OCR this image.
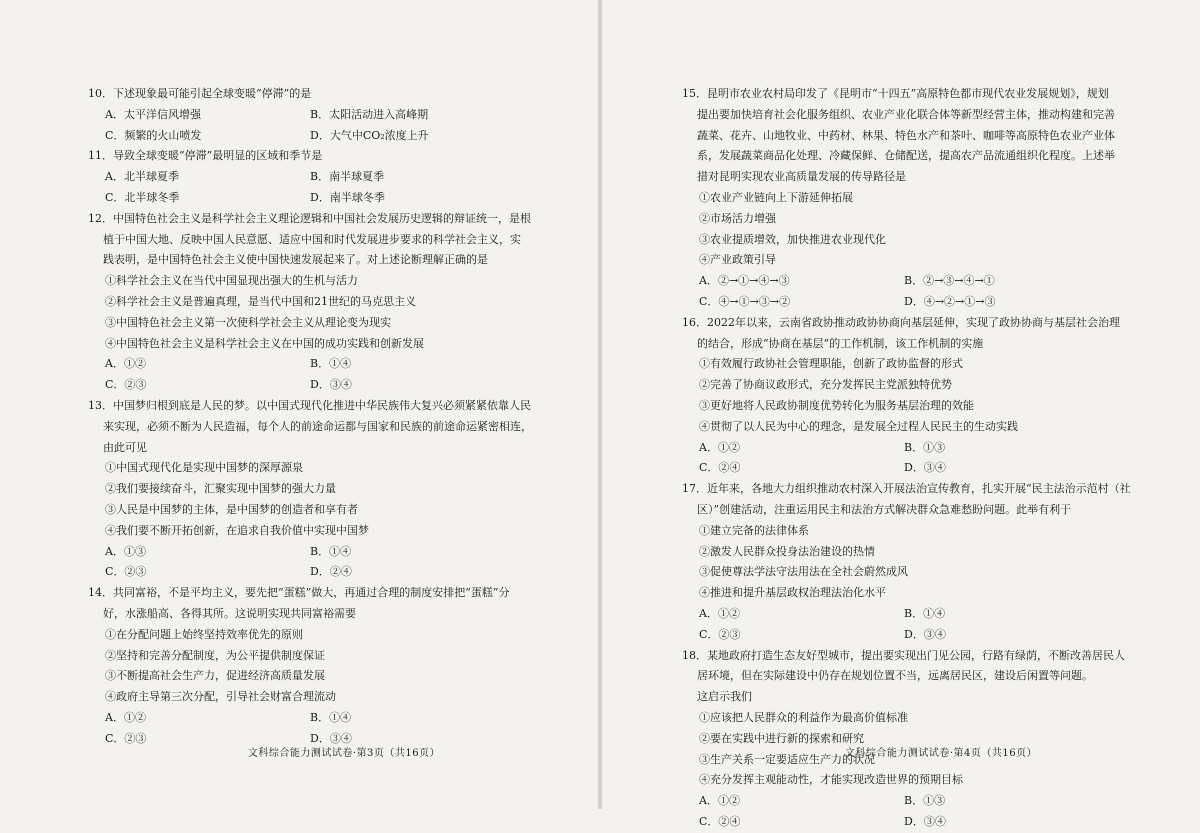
10．下述现象最可能引起全球变暖“停滞”的是
A．太平洋信风增强	B．太阳活动进入高峰期
C．频繁的火山喷发	D．大气中CO₂浓度上升
11．导致全球变暖“停滞”最明显的区域和季节是
A．北半球夏季	B．南半球夏季
C．北半球冬季	D．南半球冬季
12．中国特色社会主义是科学社会主义理论逻辑和中国社会发展历史逻辑的辩证统一，是根
植于中国大地、反映中国人民意愿、适应中国和时代发展进步要求的科学社会主义，实
践表明，是中国特色社会主义使中国快速发展起来了。对上述论断理解正确的是
①科学社会主义在当代中国显现出强大的生机与活力
②科学社会主义是普遍真理，是当代中国和21世纪的马克思主义
③中国特色社会主义第一次使科学社会主义从理论变为现实
④中国特色社会主义是科学社会主义在中国的成功实践和创新发展
A．①②	B．①④
C．②③	D．③④
13．中国梦归根到底是人民的梦。以中国式现代化推进中华民族伟大复兴必须紧紧依靠人民
来实现，必须不断为人民造福，每个人的前途命运都与国家和民族的前途命运紧密相连，
由此可见
①中国式现代化是实现中国梦的深厚源泉
②我们要接续奋斗，汇聚实现中国梦的强大力量
③人民是中国梦的主体，是中国梦的创造者和享有者
④我们要不断开拓创新，在追求自我价值中实现中国梦
A．①③	B．①④
C．②③	D．②④
14．共同富裕，不是平均主义，要先把“蛋糕”做大，再通过合理的制度安排把“蛋糕”分
好，水涨船高、各得其所。这说明实现共同富裕需要
①在分配问题上始终坚持效率优先的原则
②坚持和完善分配制度，为公平提供制度保证
③不断提高社会生产力，促进经济高质量发展
④政府主导第三次分配，引导社会财富合理流动
A．①②	B．①④
C．②③	D．③④
文科综合能力测试试卷·第3页（共16页）
15．昆明市农业农村局印发了《昆明市“十四五”高原特色都市现代农业发展规划》，规划
提出要加快培育社会化服务组织、农业产业化联合体等新型经营主体，推动构建和完善
蔬菜、花卉、山地牧业、中药材、林果、特色水产和茶叶、咖啡等高原特色农业产业体
系，发展蔬菜商品化处理、冷藏保鲜、仓储配送，提高农产品流通组织化程度。上述举
措对昆明实现农业高质量发展的传导路径是
①农业产业链向上下游延伸拓展
②市场活力增强
③农业提质增效，加快推进农业现代化
④产业政策引导
A．②→①→④→③	B．②→③→④→①
C．④→①→③→②	D．④→②→①→③
16．2022年以来，云南省政协推动政协协商向基层延伸，实现了政协协商与基层社会治理
的结合，形成“协商在基层”的工作机制，该工作机制的实施
①有效履行政协社会管理职能，创新了政协监督的形式
②完善了协商议政形式，充分发挥民主党派独特优势
③更好地将人民政协制度优势转化为服务基层治理的效能
④贯彻了以人民为中心的理念，是发展全过程人民民主的生动实践
A．①②	B．①③
C．②④	D．③④
17．近年来，各地大力组织推动农村深入开展法治宣传教育，扎实开展“民主法治示范村（社
区）”创建活动，注重运用民主和法治方式解决群众急难愁盼问题。此举有利于
①建立完备的法律体系
②激发人民群众投身法治建设的热情
③促使尊法学法守法用法在全社会蔚然成风
④推进和提升基层政权治理法治化水平
A．①②	B．①④
C．②③	D．③④
18．某地政府打造生态友好型城市，提出要实现出门见公园，行路有绿荫，不断改善居民人
居环境，但在实际建设中仍存在规划位置不当，远离居民区，建设后闲置等问题。
这启示我们
①应该把人民群众的利益作为最高价值标准
②要在实践中进行新的探索和研究
③生产关系一定要适应生产力的状况
④充分发挥主观能动性，才能实现改造世界的预期目标
A．①②	B．①③
C．②④	D．③④
文科综合能力测试试卷·第4页（共16页）
